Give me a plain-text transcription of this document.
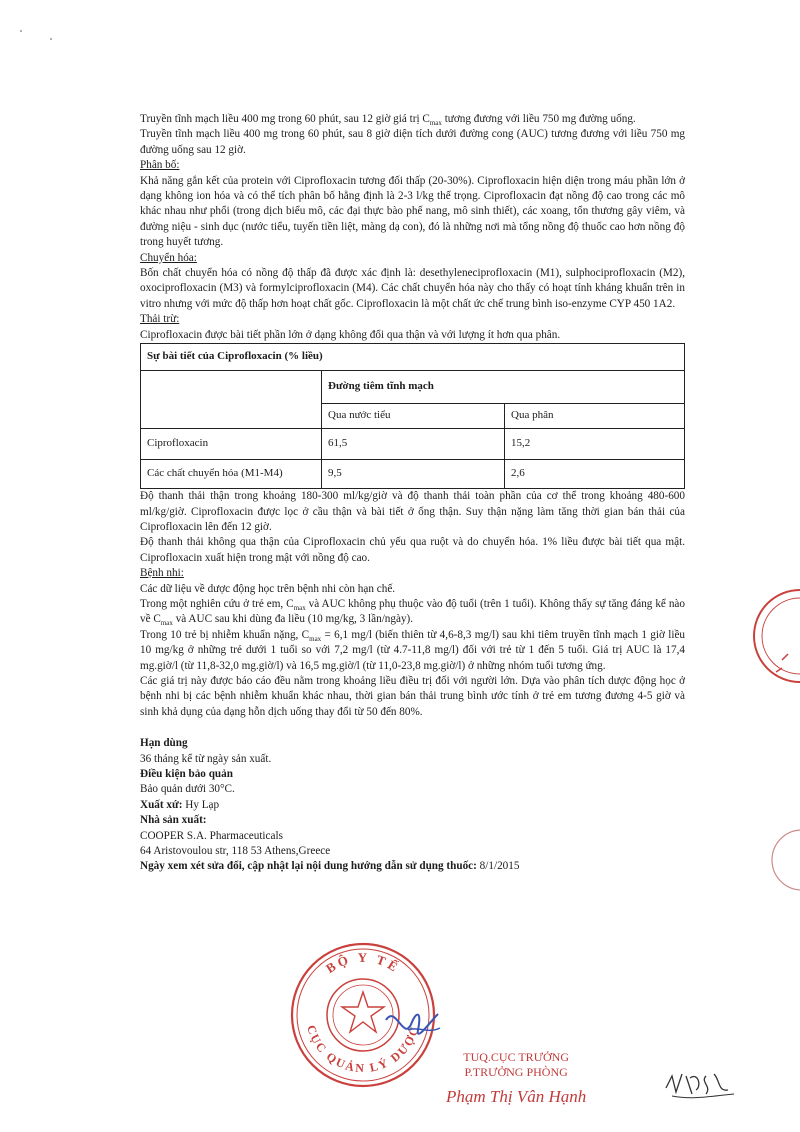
Truyền tĩnh mạch liều 400 mg trong 60 phút, sau 12 giờ giá trị $C_{max}$ tương đương với liều 750 mg đường uống.

Truyền tĩnh mạch liều 400 mg trong 60 phút, sau 8 giờ diện tích dưới đường cong (AUC) tương đương với liều 750 mg đường uống sau 12 giờ.

Phân bố:

Khả năng gắn kết của protein với Ciprofloxacin tương đối thấp (20-30%). Ciprofloxacin hiện diện trong máu phần lớn ở dạng không ion hóa và có thể tích phân bố hằng định là 2-3 l/kg thể trọng. Ciprofloxacin đạt nồng độ cao trong các mô khác nhau như phổi (trong dịch biểu mô, các đại thực bào phế nang, mô sinh thiết), các xoang, tổn thương gây viêm, và đường niệu - sinh dục (nước tiểu, tuyến tiền liệt, màng dạ con), đó là những nơi mà tổng nồng độ thuốc cao hơn nồng độ trong huyết tương.

Chuyển hóa:

Bốn chất chuyển hóa có nồng độ thấp đã được xác định là: desethyleneciprofloxacin (M1), sulphociprofloxacin (M2), oxociprofloxacin (M3) và formylciprofloxacin (M4). Các chất chuyển hóa này cho thấy có hoạt tính kháng khuẩn trên in vitro nhưng với mức độ thấp hơn hoạt chất gốc. Ciprofloxacin là một chất ức chế trung bình iso-enzyme CYP 450 1A2.

Thải trừ:

Ciprofloxacin được bài tiết phần lớn ở dạng không đổi qua thận và với lượng ít hơn qua phân.

Sự bài tiết của Ciprofloxacin (% liều)		
	Đường tiêm tĩnh mạch	
	Qua nước tiểu	Qua phân
Ciprofloxacin	61,5	15,2
Các chất chuyển hóa (M1-M4)	9,5	2,6

Độ thanh thải thận trong khoảng 180-300 ml/kg/giờ và độ thanh thải toàn phần của cơ thể trong khoảng 480-600 ml/kg/giờ. Ciprofloxacin được lọc ở cầu thận và bài tiết ở ống thận. Suy thận nặng làm tăng thời gian bán thải của Ciprofloxacin lên đến 12 giờ.

Độ thanh thải không qua thận của Ciprofloxacin chủ yếu qua ruột và do chuyển hóa. 1% liều được bài tiết qua mật. Ciprofloxacin xuất hiện trong mật với nồng độ cao.

Bệnh nhi:

Các dữ liệu về dược động học trên bệnh nhi còn hạn chế.

Trong một nghiên cứu ở trẻ em, $C_{max}$ và AUC không phụ thuộc vào độ tuổi (trên 1 tuổi). Không thấy sự tăng đáng kể nào về $C_{max}$ và AUC sau khi dùng đa liều (10 mg/kg, 3 lần/ngày).

Trong 10 trẻ bị nhiễm khuẩn nặng, $C_{max} = 6,1$ mg/l (biến thiên từ 4,6-8,3 mg/l) sau khi tiêm truyền tĩnh mạch 1 giờ liều 10 mg/kg ở những trẻ dưới 1 tuổi so với 7,2 mg/l (từ 4.7-11,8 mg/l) đối với trẻ từ 1 đến 5 tuổi. Giá trị AUC là 17,4 mg.giờ/l (từ 11,8-32,0 mg.giờ/l) và 16,5 mg.giờ/l (từ 11,0-23,8 mg.giờ/l) ở những nhóm tuổi tương ứng.

Các giá trị này được báo cáo đều nằm trong khoảng liều điều trị đối với người lớn. Dựa vào phân tích dược động học ở bệnh nhi bị các bệnh nhiễm khuẩn khác nhau, thời gian bán thải trung bình ước tính ở trẻ em tương đương 4-5 giờ và sinh khả dụng của dạng hỗn dịch uống thay đổi từ 50 đến 80%.

Hạn dùng
36 tháng kể từ ngày sản xuất.
Điều kiện bảo quản
Bảo quản dưới 30°C.
Xuất xứ: Hy Lạp
Nhà sản xuất:
COOPER S.A. Pharmaceuticals
64 Aristovoulou str, 118 53 Athens,Greece
Ngày xem xét sửa đổi, cập nhật lại nội dung hướng dẫn sử dụng thuốc: 8/1/2015
BỘ Y TẾ
CỤC QUẢN LÝ DƯỢC
TUQ.CỤC TRƯỞNG
P.TRƯỞNG PHÒNG
Phạm Thị Vân Hạnh
